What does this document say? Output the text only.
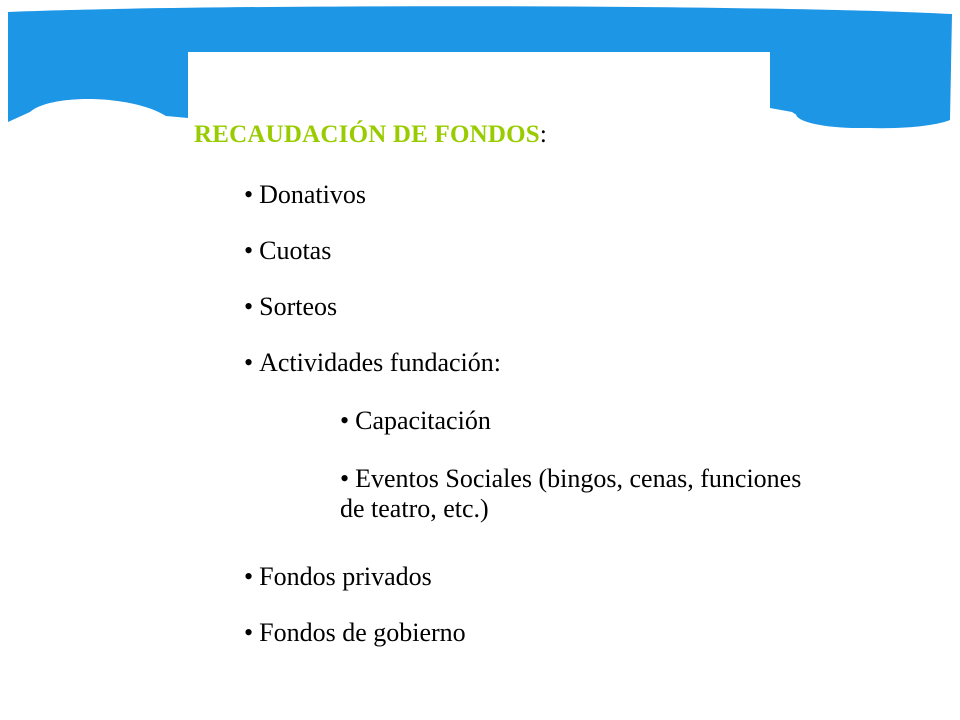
RECAUDACIÓN DE FONDOS:
• Donativos
• Cuotas
• Sorteos
• Actividades fundación:
• Capacitación
• Eventos Sociales (bingos, cenas, funciones de teatro, etc.)
• Fondos privados
• Fondos de gobierno
